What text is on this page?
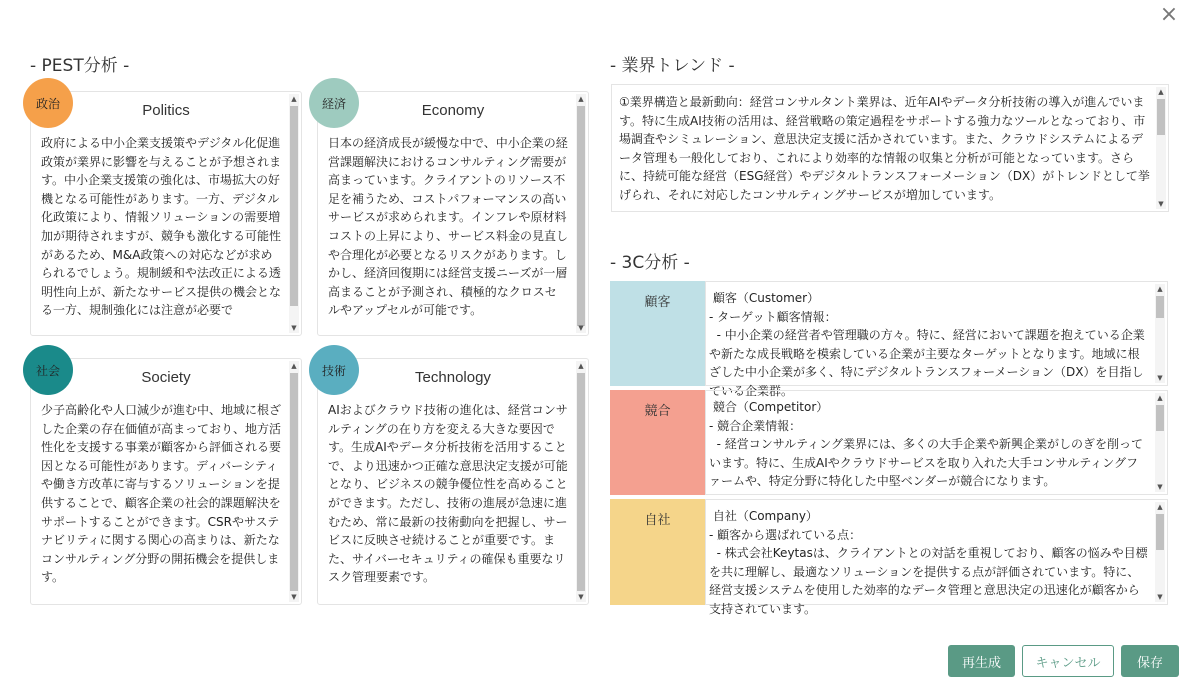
×
- PEST分析 -
政治	Politics
政府による中小企業支援策やデジタル化促進政策が業界に影響を与えることが予想されます。中小企業支援策の強化は、市場拡大の好機となる可能性があります。一方、デジタル化政策により、情報ソリューションの需要増加が期待されますが、競争も激化する可能性があるため、M&A政策への対応などが求められるでしょう。規制緩和や法改正による透明性向上が、新たなサービス提供の機会となる一方、規制強化には注意が必要で
▲
▼
経済	Economy
日本の経済成長が緩慢な中で、中小企業の経営課題解決におけるコンサルティング需要が高まっています。クライアントのリソース不足を補うため、コストパフォーマンスの高いサービスが求められます。インフレや原材料コストの上昇により、サービス料金の見直しや合理化が必要となるリスクがあります。しかし、経済回復期には経営支援ニーズが一層高まることが予測され、積極的なクロスセルやアップセルが可能です。
▲
▼
社会	Society
少子高齢化や人口減少が進む中、地域に根ざした企業の存在価値が高まっており、地方活性化を支援する事業が顧客から評価される要因となる可能性があります。ディバーシティや働き方改革に寄与するソリューションを提供することで、顧客企業の社会的課題解決をサポートすることができます。CSRやサステナビリティに関する関心の高まりは、新たなコンサルティング分野の開拓機会を提供します。
▲
▼
技術	Technology
AIおよびクラウド技術の進化は、経営コンサルティングの在り方を変える大きな要因です。生成AIやデータ分析技術を活用することで、より迅速かつ正確な意思決定支援が可能となり、ビジネスの競争優位性を高めることができます。ただし、技術の進展が急速に進むため、常に最新の技術動向を把握し、サービスに反映させ続けることが重要です。また、サイバーセキュリティの確保も重要なリスク管理要素です。
▲
▼
- 業界トレンド -
①業界構造と最新動向：経営コンサルタント業界は、近年AIやデータ分析技術の導入が進んでいます。特に生成AI技術の活用は、経営戦略の策定過程をサポートする強力なツールとなっており、市場調査やシミュレーション、意思決定支援に活かされています。また、クラウドシステムによるデータ管理も一般化しており、これにより効率的な情報の収集と分析が可能となっています。さらに、持続可能な経営（ESG経営）やデジタルトランスフォーメーション（DX）がトレンドとして挙げられ、それに対応したコンサルティングサービスが増加しています。
▲
▼
- 3C分析 -
顧客	顧客（Customer）
- ターゲット顧客情報：
- 中小企業の経営者や管理職の方々。特に、経営において課題を抱えている企業や新たな成長戦略を模索している企業が主要なターゲットとなります。地域に根ざした中小企業が多く、特にデジタルトランスフォーメーション（DX）を目指している企業群。
▲
▼
競合	競合（Competitor）
- 競合企業情報：
- 経営コンサルティング業界には、多くの大手企業や新興企業がしのぎを削っています。特に、生成AIやクラウドサービスを取り入れた大手コンサルティングファームや、特定分野に特化した中堅ベンダーが競合になります。
▲
▼
自社	自社（Company）
- 顧客から選ばれている点：
- 株式会社Keytasは、クライアントとの対話を重視しており、顧客の悩みや目標を共に理解し、最適なソリューションを提供する点が評価されています。特に、経営支援システムを使用した効率的なデータ管理と意思決定の迅速化が顧客から支持されています。
▲
▼
再生成	キャンセル	保存
